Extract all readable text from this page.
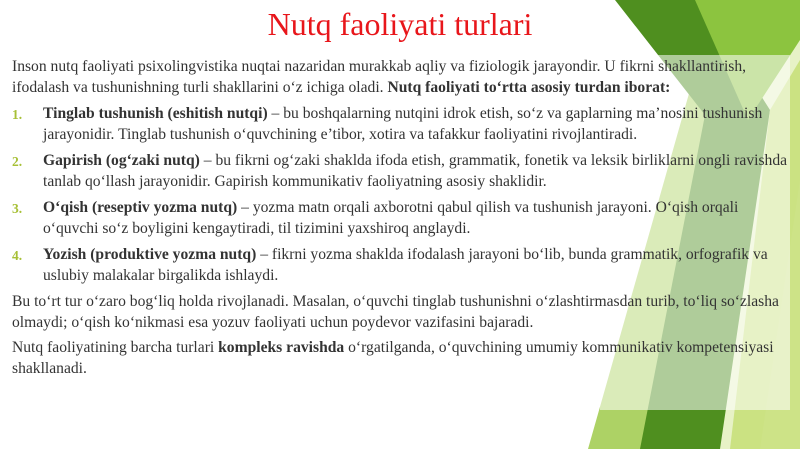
Nutq faoliyati turlari

Inson nutq faoliyati psixolingvistika nuqtai nazaridan murakkab aqliy va fiziologik jarayondir. U fikrni shakllantirish, ifodalash va tushunishning turli shakllarini o‘z ichiga oladi. Nutq faoliyati to‘rtta asosiy turdan iborat:

1. Tinglab tushunish (eshitish nutqi) – bu boshqalarning nutqini idrok etish, so‘z va gaplarning ma’nosini tushunish jarayonidir. Tinglab tushunish o‘quvchining e’tibor, xotira va tafakkur faoliyatini rivojlantiradi.
2. Gapirish (og‘zaki nutq) – bu fikrni og‘zaki shaklda ifoda etish, grammatik, fonetik va leksik birliklarni ongli ravishda tanlab qo‘llash jarayonidir. Gapirish kommunikativ faoliyatning asosiy shaklidir.
3. O‘qish (reseptiv yozma nutq) – yozma matn orqali axborotni qabul qilish va tushunish jarayoni. O‘qish orqali o‘quvchi so‘z boyligini kengaytiradi, til tizimini yaxshiroq anglaydi.
4. Yozish (produktive yozma nutq) – fikrni yozma shaklda ifodalash jarayoni bo‘lib, bunda grammatik, orfografik va uslubiy malakalar birgalikda ishlaydi.

Bu to‘rt tur o‘zaro bog‘liq holda rivojlanadi. Masalan, o‘quvchi tinglab tushunishni o‘zlashtirmasdan turib, to‘liq so‘zlasha olmaydi; o‘qish ko‘nikmasi esa yozuv faoliyati uchun poydevor vazifasini bajaradi.

Nutq faoliyatining barcha turlari kompleks ravishda o‘rgatilganda, o‘quvchining umumiy kommunikativ kompetensiyasi shakllanadi.
